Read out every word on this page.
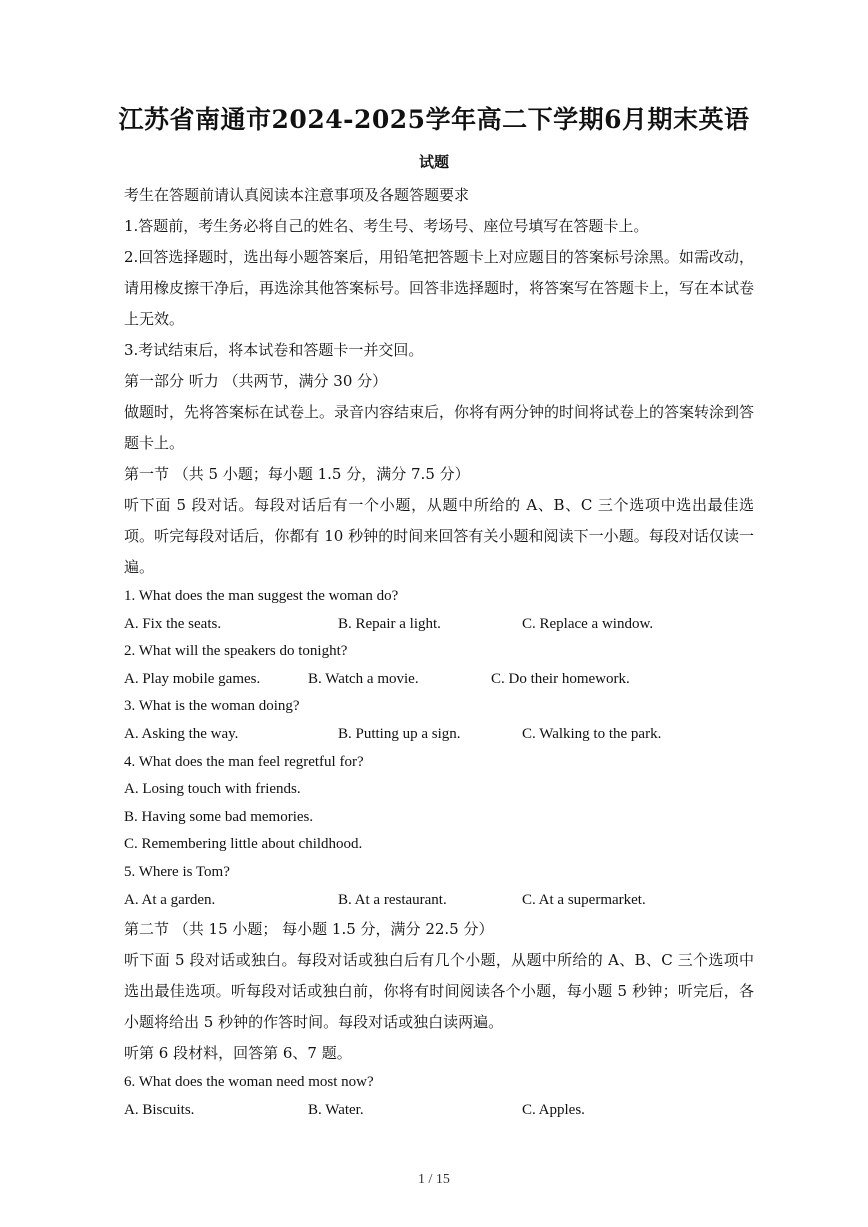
江苏省南通市2024-2025学年高二下学期6月期末英语
试题

考生在答题前请认真阅读本注意事项及各题答题要求

1.答题前，考生务必将自己的姓名、考生号、考场号、座位号填写在答题卡上。

2.回答选择题时，选出每小题答案后，用铅笔把答题卡上对应题目的答案标号涂黑。如需改动，请用橡皮擦干净后，再选涂其他答案标号。回答非选择题时，将答案写在答题卡上，写在本试卷上无效。

3.考试结束后，将本试卷和答题卡一并交回。

第一部分 听力 （共两节，满分 30 分）

做题时，先将答案标在试卷上。录音内容结束后，你将有两分钟的时间将试卷上的答案转涂到答题卡上。

第一节 （共 5 小题；每小题 1.5 分，满分 7.5 分）

听下面 5 段对话。每段对话后有一个小题，从题中所给的 A、B、C 三个选项中选出最佳选项。听完每段对话后，你都有 10 秒钟的时间来回答有关小题和阅读下一小题。每段对话仅读一遍。

1. What does the man suggest the woman do?

A. Fix the seats.	B. Repair a light.	C. Replace a window.

2. What will the speakers do tonight?

A. Play mobile games.	B. Watch a movie.	C. Do their homework.

3. What is the woman doing?

A. Asking the way.	B. Putting up a sign.	C. Walking to the park.

4. What does the man feel regretful for?

A. Losing touch with friends.

B. Having some bad memories.

C. Remembering little about childhood.

5. Where is Tom?

A. At a garden.	B. At a restaurant.	C. At a supermarket.

第二节 （共 15 小题； 每小题 1.5 分，满分 22.5 分）

听下面 5 段对话或独白。每段对话或独白后有几个小题，从题中所给的 A、B、C 三个选项中选出最佳选项。听每段对话或独白前，你将有时间阅读各个小题，每小题 5 秒钟；听完后，各小题将给出 5 秒钟的作答时间。每段对话或独白读两遍。

听第 6 段材料，回答第 6、7 题。

6. What does the woman need most now?

A. Biscuits.	B. Water.	C. Apples.
1 / 15
